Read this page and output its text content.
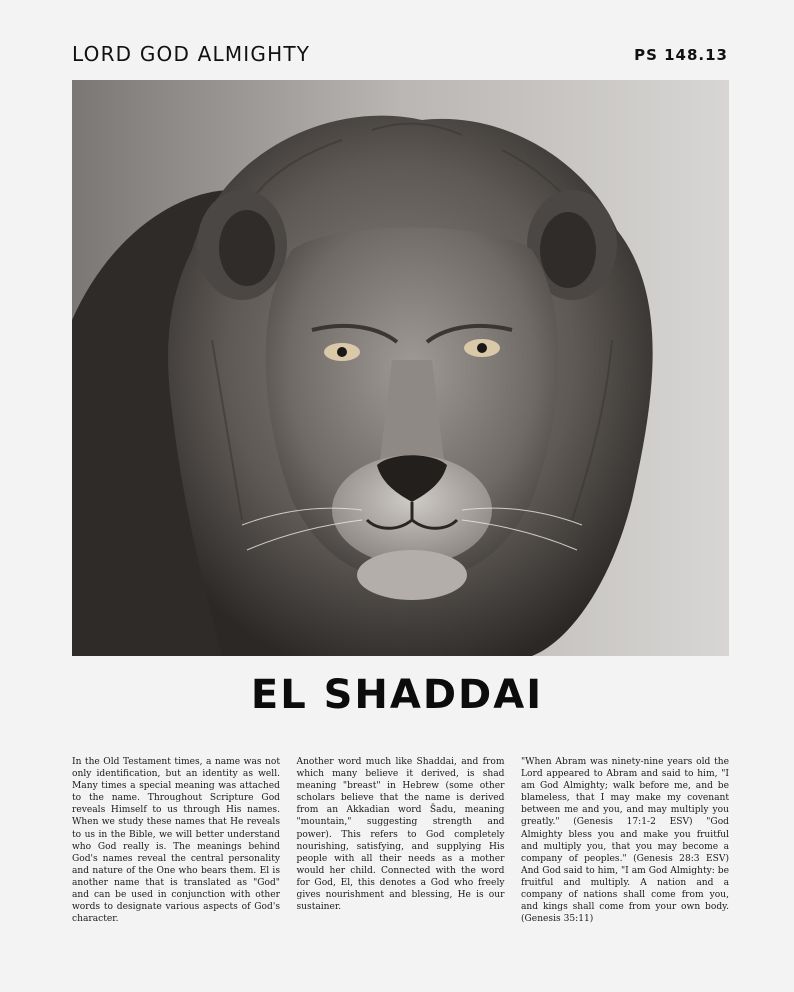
LORD GOD ALMIGHTY	PS 148.13
EL SHADDAI

In the Old Testament times, a name was not only identification, but an identity as well. Many times a special meaning was attached to the name. Throughout Scripture God reveals Himself to us through His names. When we study these names that He reveals to us in the Bible, we will better understand who God really is. The meanings behind God's names reveal the central personality and nature of the One who bears them. El is another name that is translated as "God" and can be used in conjunction with other words to designate various aspects of God's character.

Another word much like Shaddai, and from which many believe it derived, is shad meaning "breast" in Hebrew (some other scholars believe that the name is derived from an Akkadian word Šadu, meaning "mountain," suggesting strength and power). This refers to God completely nourishing, satisfying, and supplying His people with all their needs as a mother would her child. Connected with the word for God, El, this denotes a God who freely gives nourishment and blessing, He is our sustainer.

"When Abram was ninety-nine years old the Lord appeared to Abram and said to him, "I am God Almighty; walk before me, and be blameless, that I may make my covenant between me and you, and may multiply you greatly." (Genesis 17:1-2 ESV) "God Almighty bless you and make you fruitful and multiply you, that you may become a company of peoples." (Genesis 28:3 ESV) And God said to him, "I am God Almighty: be fruitful and multiply. A nation and a company of nations shall come from you, and kings shall come from your own body. (Genesis 35:11)
